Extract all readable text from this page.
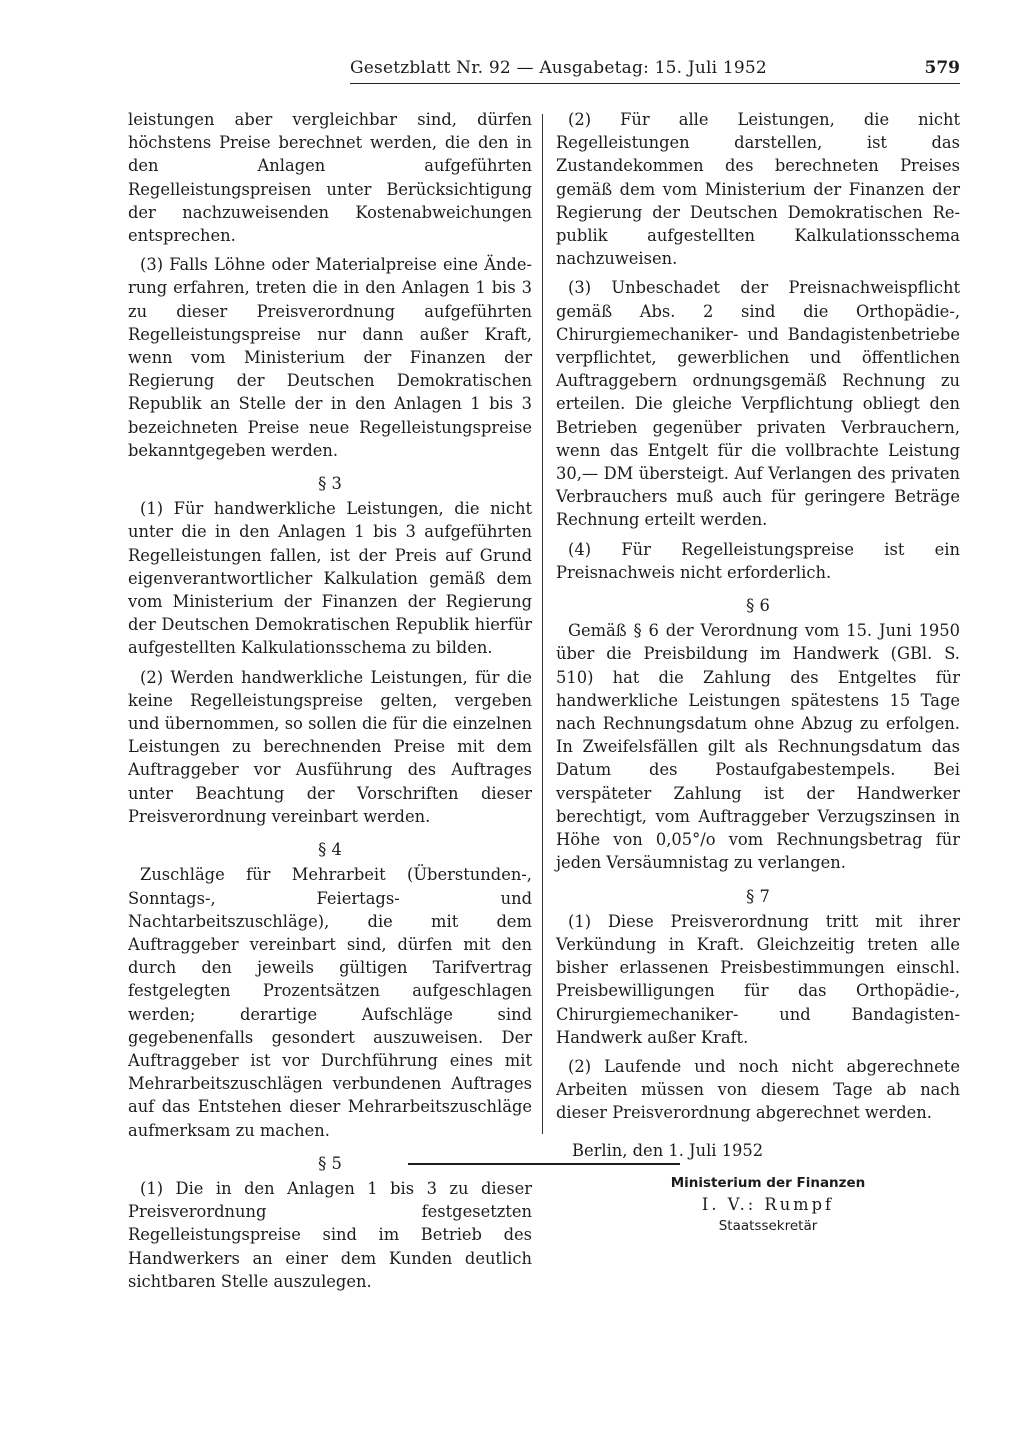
Gesetzblatt Nr. 92 — Ausgabetag: 15. Juli 1952	579

leistungen aber vergleichbar sind, dürfen höchstens Preise berechnet werden, die den in den Anlagen aufgeführten Regelleistungspreisen unter Berücksichtigung der nachzuweisenden Kostenabweichungen entsprechen.

(3) Falls Löhne oder Materialpreise eine Änderung erfahren, treten die in den Anlagen 1 bis 3 zu dieser Preisverordnung aufgeführten Regelleistungspreise nur dann außer Kraft, wenn vom Ministerium der Finanzen der Regierung der Deutschen Demokratischen Republik an Stelle der in den Anlagen 1 bis 3 bezeichneten Preise neue Regelleistungspreise bekanntgegeben werden.

§ 3

(1) Für handwerkliche Leistungen, die nicht unter die in den Anlagen 1 bis 3 aufgeführten Regelleistungen fallen, ist der Preis auf Grund eigenverantwortlicher Kalkulation gemäß dem vom Ministerium der Finanzen der Regierung der Deutschen Demokratischen Republik hierfür aufgestellten Kalkulationsschema zu bilden.

(2) Werden handwerkliche Leistungen, für die keine Regelleistungspreise gelten, vergeben und übernommen, so sollen die für die einzelnen Leistungen zu berechnenden Preise mit dem Auftraggeber vor Ausführung des Auftrages unter Beachtung der Vorschriften dieser Preisverordnung vereinbart werden.

§ 4

Zuschläge für Mehrarbeit (Überstunden-, Sonntags-, Feiertags- und Nachtarbeitszuschläge), die mit dem Auftraggeber vereinbart sind, dürfen mit den durch den jeweils gültigen Tarifvertrag festgelegten Prozentsätzen aufgeschlagen werden; derartige Aufschläge sind gegebenenfalls gesondert auszuweisen. Der Auftraggeber ist vor Durchführung eines mit Mehrarbeitszuschlägen verbundenen Auftrages auf das Entstehen dieser Mehrarbeitszuschläge aufmerksam zu machen.

§ 5

(1) Die in den Anlagen 1 bis 3 zu dieser Preisverordnung festgesetzten Regelleistungspreise sind im Betrieb des Handwerkers an einer dem Kunden deutlich sichtbaren Stelle auszulegen.

(2) Für alle Leistungen, die nicht Regelleistungen darstellen, ist das Zustandekommen des berechneten Preises gemäß dem vom Ministerium der Finanzen der Regierung der Deutschen Demokratischen Republik aufgestellten Kalkulationsschema nachzuweisen.

(3) Unbeschadet der Preisnachweispflicht gemäß Abs. 2 sind die Orthopädie-, Chirurgiemechaniker- und Bandagistenbetriebe verpflichtet, gewerblichen und öffentlichen Auftraggebern ordnungsgemäß Rechnung zu erteilen. Die gleiche Verpflichtung obliegt den Betrieben gegenüber privaten Verbrauchern, wenn das Entgelt für die vollbrachte Leistung 30,— DM übersteigt. Auf Verlangen des privaten Verbrauchers muß auch für geringere Beträge Rechnung erteilt werden.

(4) Für Regelleistungspreise ist ein Preisnachweis nicht erforderlich.

§ 6

Gemäß § 6 der Verordnung vom 15. Juni 1950 über die Preisbildung im Handwerk (GBl. S. 510) hat die Zahlung des Entgeltes für handwerkliche Leistungen spätestens 15 Tage nach Rechnungsdatum ohne Abzug zu erfolgen. In Zweifelsfällen gilt als Rechnungsdatum das Datum des Postaufgabestempels. Bei verspäteter Zahlung ist der Handwerker berechtigt, vom Auftraggeber Verzugszinsen in Höhe von 0,05°/o vom Rechnungsbetrag für jeden Versäumnistag zu verlangen.

§ 7

(1) Diese Preisverordnung tritt mit ihrer Verkündung in Kraft. Gleichzeitig treten alle bisher erlassenen Preisbestimmungen einschl. Preisbewilligungen für das Orthopädie-, Chirurgiemechaniker- und Bandagisten-Handwerk außer Kraft.

(2) Laufende und noch nicht abgerechnete Arbeiten müssen von diesem Tage ab nach dieser Preisverordnung abgerechnet werden.

Berlin, den 1. Juli 1952
Ministerium der Finanzen
I. V.: Rumpf
Staatssekretär
